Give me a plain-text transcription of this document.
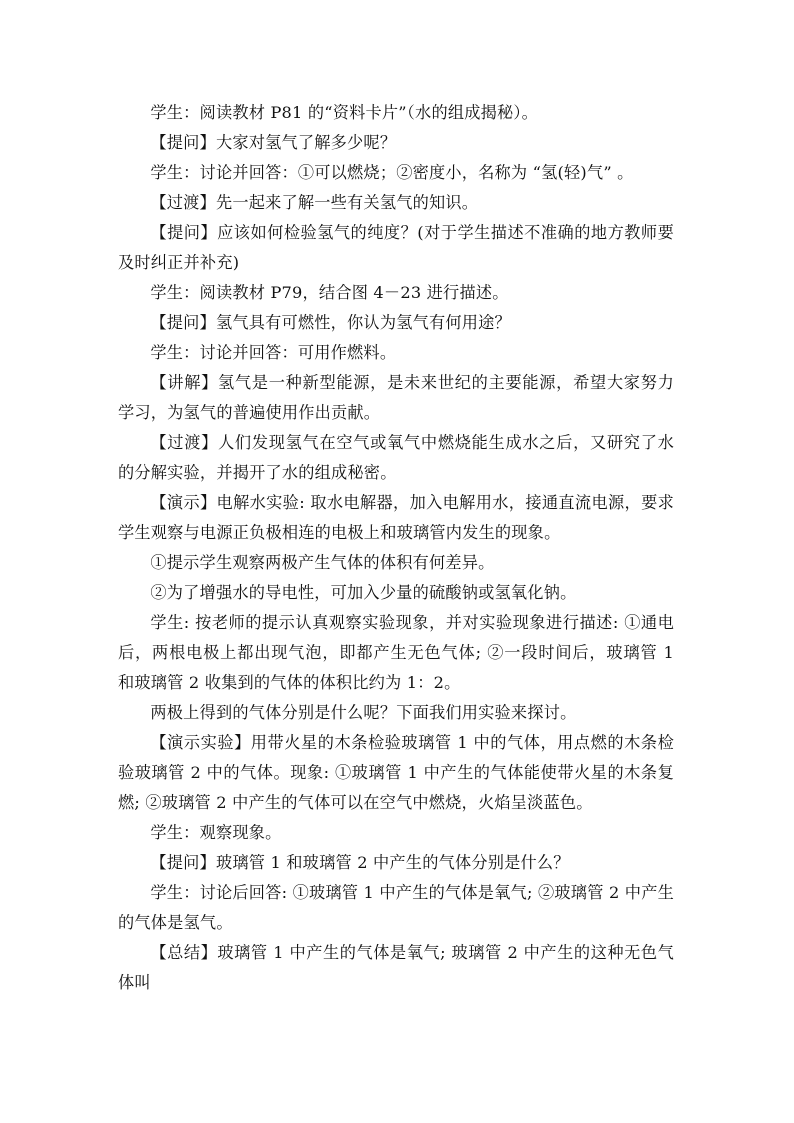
学生：阅读教材 P81 的“资料卡片”（水的组成揭秘）。

【提问】大家对氢气了解多少呢？

学生：讨论并回答：①可以燃烧；②密度小，名称为 “氢(轻)气” 。

【过渡】先一起来了解一些有关氢气的知识。

【提问】应该如何检验氢气的纯度？(对于学生描述不准确的地方教师要及时纠正并补充)

学生：阅读教材 P79，结合图 4－23 进行描述。

【提问】氢气具有可燃性，你认为氢气有何用途？

学生：讨论并回答：可用作燃料。

【讲解】氢气是一种新型能源，是未来世纪的主要能源，希望大家努力学习，为氢气的普遍使用作出贡献。

【过渡】人们发现氢气在空气或氧气中燃烧能生成水之后，又研究了水的分解实验，并揭开了水的组成秘密。

【演示】电解水实验: 取水电解器，加入电解用水，接通直流电源，要求学生观察与电源正负极相连的电极上和玻璃管内发生的现象。

①提示学生观察两极产生气体的体积有何差异。

②为了增强水的导电性，可加入少量的硫酸钠或氢氧化钠。

学生: 按老师的提示认真观察实验现象，并对实验现象进行描述: ①通电后，两根电极上都出现气泡，即都产生无色气体; ②一段时间后，玻璃管 1 和玻璃管 2 收集到的气体的体积比约为 1：2。

两极上得到的气体分别是什么呢？下面我们用实验来探讨。

【演示实验】用带火星的木条检验玻璃管 1 中的气体，用点燃的木条检验玻璃管 2 中的气体。现象: ①玻璃管 1 中产生的气体能使带火星的木条复燃; ②玻璃管 2 中产生的气体可以在空气中燃烧，火焰呈淡蓝色。

学生：观察现象。

【提问】玻璃管 1 和玻璃管 2 中产生的气体分别是什么？

学生：讨论后回答: ①玻璃管 1 中产生的气体是氧气; ②玻璃管 2 中产生的气体是氢气。

【总结】玻璃管 1 中产生的气体是氧气; 玻璃管 2 中产生的这种无色气体叫
